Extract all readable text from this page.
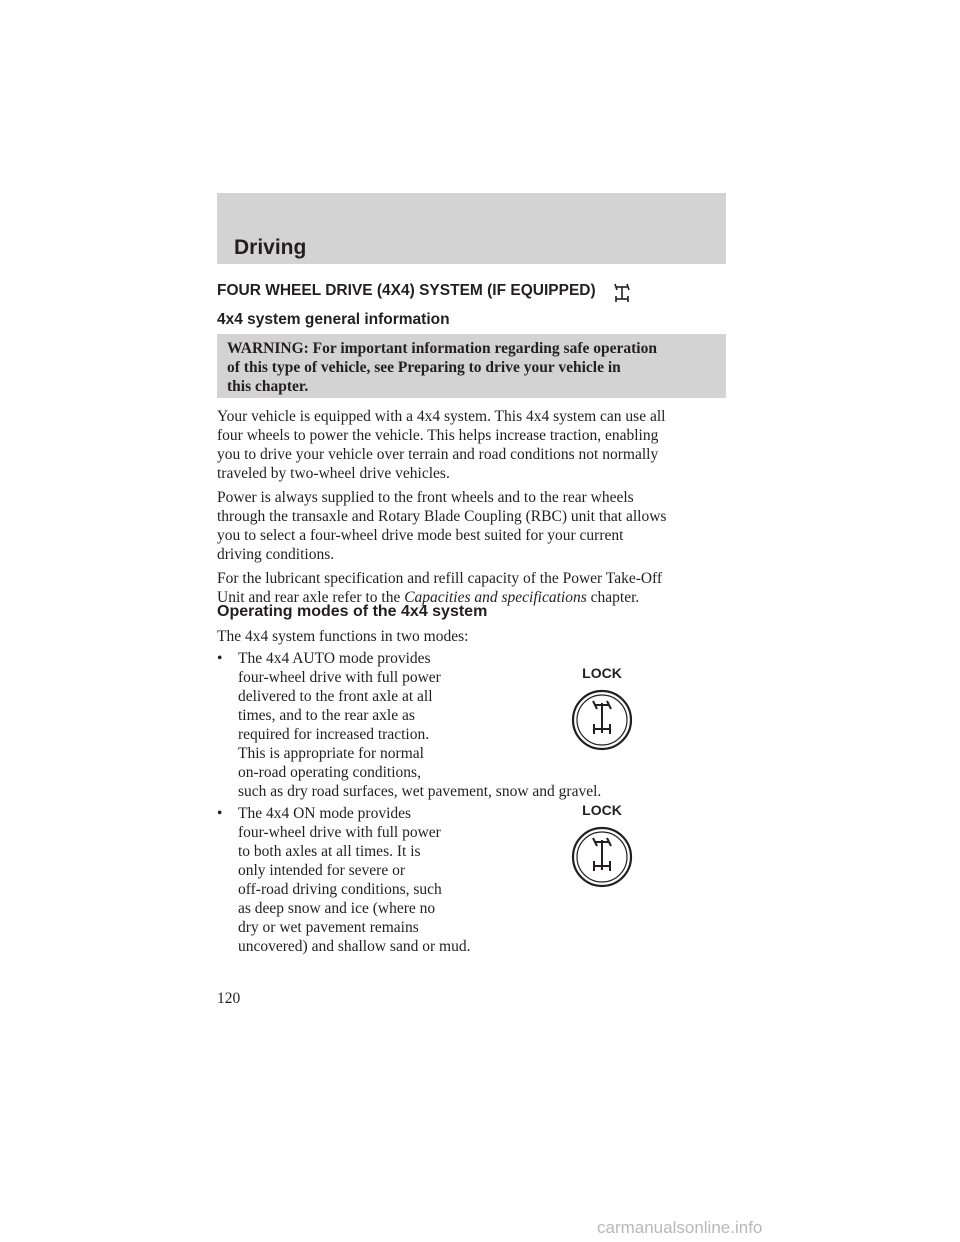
Driving
FOUR WHEEL DRIVE (4X4) SYSTEM (IF EQUIPPED)
4x4 system general information
WARNING: For important information regarding safe operation
of this type of vehicle, see Preparing to drive your vehicle in
this chapter.
Your vehicle is equipped with a 4x4 system. This 4x4 system can use all
four wheels to power the vehicle. This helps increase traction, enabling
you to drive your vehicle over terrain and road conditions not normally
traveled by two-wheel drive vehicles.
Power is always supplied to the front wheels and to the rear wheels
through the transaxle and Rotary Blade Coupling (RBC) unit that allows
you to select a four-wheel drive mode best suited for your current
driving conditions.
For the lubricant specification and refill capacity of the Power Take-Off
Unit and rear axle refer to the Capacities and specifications chapter.
Operating modes of the 4x4 system
The 4x4 system functions in two modes:
• The 4x4 AUTO mode provides
four-wheel drive with full power
delivered to the front axle at all
times, and to the rear axle as
required for increased traction.
This is appropriate for normal
on-road operating conditions,
such as dry road surfaces, wet pavement, snow and gravel.
• The 4x4 ON mode provides
four-wheel drive with full power
to both axles at all times. It is
only intended for severe or
off-road driving conditions, such
as deep snow and ice (where no
dry or wet pavement remains
uncovered) and shallow sand or mud.
LOCK
LOCK
120
carmanualsonline.info
